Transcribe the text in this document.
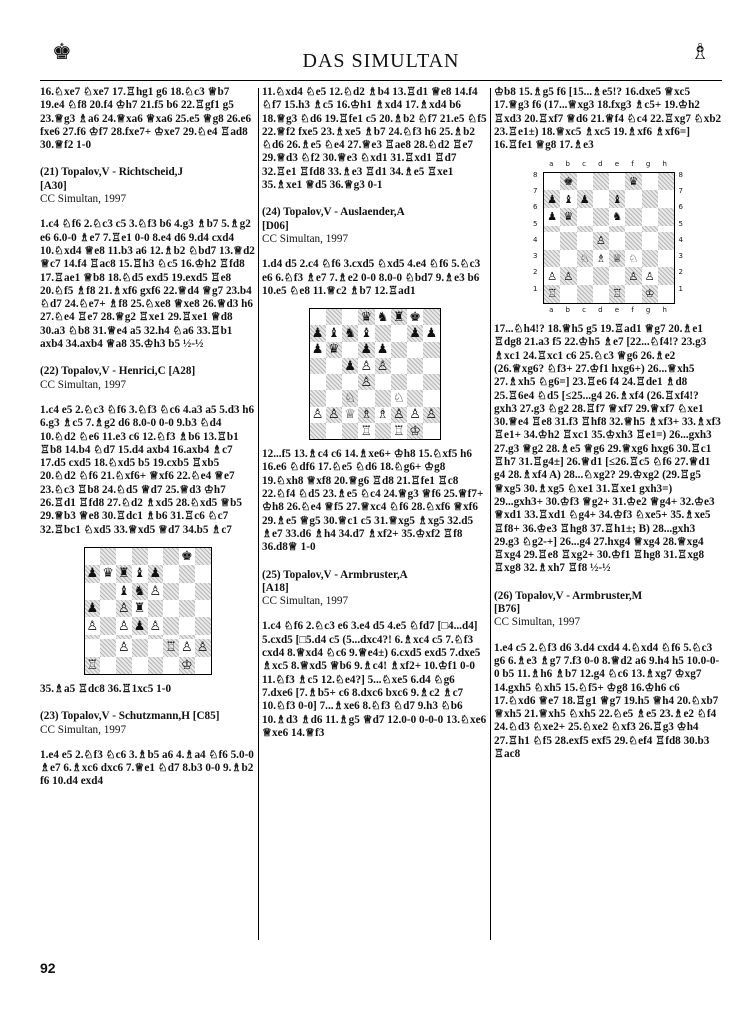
♚	DAS SIMULTAN	♗

16.♘xe7 ♘xe7 17.♖hg1 g6 18.♘c3 ♕b7 19.e4 ♘f8 20.f4 ♔h7 21.f5 b6 22.♖gf1 g5 23.♕g3 ♗a6 24.♕xa6 ♕xa6 25.e5 ♕g8 26.e6 fxe6 27.f6 ♔f7 28.fxe7+ ♔xe7 29.♘e4 ♖ad8 30.♕f2 1-0

(21) Topalov,V - Richtscheid,J

[A30]

CC Simultan, 1997

1.c4 ♘f6 2.♘c3 c5 3.♘f3 b6 4.g3 ♗b7 5.♗g2 e6 6.0-0 ♗e7 7.♖e1 0-0 8.e4 d6 9.d4 cxd4 10.♘xd4 ♕e8 11.b3 a6 12.♗b2 ♘bd7 13.♕d2 ♕c7 14.f4 ♖ac8 15.♖h3 ♘c5 16.♔h2 ♖fd8 17.♖ae1 ♕b8 18.♘d5 exd5 19.exd5 ♖e8 20.♘f5 ♗f8 21.♗xf6 gxf6 22.♕d4 ♕g7 23.b4 ♘d7 24.♘e7+ ♗f8 25.♘xe8 ♕xe8 26.♕d3 h6 27.♘e4 ♖e7 28.♕g2 ♖xe1 29.♖xe1 ♕d8 30.a3 ♘b8 31.♕e4 a5 32.h4 ♘a6 33.♖b1 axb4 34.axb4 ♕a8 35.♔h3 b5 ½-½

(22) Topalov,V - Henrici,C [A28]

CC Simultan, 1997

1.c4 e5 2.♘c3 ♘f6 3.♘f3 ♘c6 4.a3 a5 5.d3 h6 6.g3 ♗c5 7.♗g2 d6 8.0-0 0-0 9.b3 ♘d4 10.♘d2 ♘e6 11.e3 c6 12.♘f3 ♗b6 13.♖b1 ♖b8 14.b4 ♘d7 15.d4 axb4 16.axb4 ♗c7 17.d5 cxd5 18.♘xd5 b5 19.cxb5 ♖xb5 20.♘d2 ♘f6 21.♘xf6+ ♕xf6 22.♘e4 ♕e7 23.♘c3 ♖b8 24.♘d5 ♕d7 25.♕d3 ♔h7 26.♖d1 ♖fd8 27.♘d2 ♗xd5 28.♘xd5 ♕b5 29.♕b3 ♕e8 30.♖dc1 ♗b6 31.♖c6 ♘c7 32.♖bc1 ♘xd5 33.♕xd5 ♕d7 34.b5 ♗c7

♚
♟ ♛ ♜ ♝ ♟
♝ ♞ ♙
♟ ♙ ♜
♙ ♙ ♟ ♙
♙	♖ ♙ ♙
♖	♔

35.♗a5 ♖dc8 36.♖1xc5 1-0

(23) Topalov,V - Schutzmann,H [C85]

CC Simultan, 1997

1.e4 e5 2.♘f3 ♘c6 3.♗b5 a6 4.♗a4 ♘f6 5.0-0 ♗e7 6.♗xc6 dxc6 7.♕e1 ♘d7 8.b3 0-0 9.♗b2 f6 10.d4 exd4

11.♘xd4 ♘e5 12.♘d2 ♗b4 13.♖d1 ♕e8 14.f4 ♘f7 15.h3 ♗c5 16.♔h1 ♗xd4 17.♗xd4 b6 18.♕g3 ♘d6 19.♖fe1 c5 20.♗b2 ♘f7 21.e5 ♘f5 22.♕f2 fxe5 23.♗xe5 ♗b7 24.♘f3 h6 25.♗b2 ♘d6 26.♗e5 ♘e4 27.♕e3 ♖ae8 28.♘d2 ♖e7 29.♕d3 ♘f2 30.♕e3 ♘xd1 31.♖xd1 ♖d7 32.♖e1 ♖fd8 33.♗e3 ♖d1 34.♗e5 ♖xe1 35.♗xe1 ♕d5 36.♕g3 0-1

(24) Topalov,V - Auslaender,A

[D06]

CC Simultan, 1997

1.d4 d5 2.c4 ♘f6 3.cxd5 ♘xd5 4.e4 ♘f6 5.♘c3 e6 6.♘f3 ♗e7 7.♗e2 0-0 8.0-0 ♘bd7 9.♗e3 b6 10.e5 ♘e8 11.♕c2 ♗b7 12.♖ad1

♛ ♞ ♜ ♚
♟ ♝ ♞ ♝	♟ ♟
♟ ♛ ♟ ♟
♟ ♙ ♙
♙
♘	♘
♙ ♙ ♕ ♗ ♗ ♙ ♙ ♙
♖ ♖ ♔

12...f5 13.♗c4 c6 14.♗xe6+ ♔h8 15.♘xf5 h6 16.e6 ♘df6 17.♘e5 ♘d6 18.♘g6+ ♔g8 19.♘xh8 ♕xf8 20.♕g6 ♖d8 21.♖fe1 ♖c8 22.♘f4 ♘d5 23.♗e5 ♘c4 24.♕g3 ♕f6 25.♕f7+ ♔h8 26.♘e4 ♕f5 27.♕xc4 ♘f6 28.♘xf6 ♕xf6 29.♗e5 ♕g5 30.♕c1 c5 31.♕xg5 ♗xg5 32.d5 ♗e7 33.d6 ♗h4 34.d7 ♗xf2+ 35.♔xf2 ♖f8 36.d8♕ 1-0

(25) Topalov,V - Armbruster,A

[A18]

CC Simultan, 1997

1.c4 ♘f6 2.♘c3 e6 3.e4 d5 4.e5 ♘fd7 [□4...d4] 5.cxd5 [□5.d4 c5 (5...dxc4?! 6.♗xc4 c5 7.♘f3 cxd4 8.♕xd4 ♘c6 9.♕e4±) 6.cxd5 exd5 7.dxe5 ♗xc5 8.♕xd5 ♕b6 9.♗c4! ♗xf2+ 10.♔f1 0-0 11.♘f3 ♗c5 12.♘e4?] 5...♘xe5 6.d4 ♘g6 7.dxe6 [7.♗b5+ c6 8.dxc6 bxc6 9.♗c2 ♗c7 10.♘f3 0-0] 7...♗xe6 8.♘f3 ♘d7 9.h3 ♘b6 10.♗d3 ♗d6 11.♗g5 ♕d7 12.0-0 0-0-0 13.♘xe6 ♕xe6 14.♕f3

♔b8 15.♗g5 f6 [15...♗e5!? 16.dxe5 ♕xc5 17.♕g3 f6 (17...♕xg3 18.fxg3 ♗c5+ 19.♔h2 ♖xd3 20.♖xf7 ♕d6 21.♕f4 ♘c4 22.♖xg7 ♘xb2 23.♖e1±) 18.♕xc5 ♗xc5 19.♗xf6 ♗xf6=] 16.♖fe1 ♕g8 17.♗e3

a b c d e f g h
8
7
6
5
4
3
2
1
8
7
6
5
4
3
2
1
♚	♛
♟ ♝ ♟ ♝
♟ ♛	♞
♙
♘ ♗ ♕ ♘
♙ ♙	♙ ♙
♖	♖ ♔
a b c d e f g h

17...♘h4!? 18.♕h5 g5 19.♖ad1 ♕g7 20.♗e1 ♖dg8 21.a3 f5 22.♔h5 ♗e7 [22...♘f4!? 23.g3 ♗xc1 24.♖xc1 c6 25.♘c3 ♕g6 26.♗e2 (26.♕xg6? ♘f3+ 27.♔f1 hxg6+) 26...♕xh5 27.♗xh5 ♘g6=] 23.♖e6 f4 24.♖de1 ♗d8 25.♖6e4 ♘d5 [≤25...g4 26.♗xf4 (26.♖xf4!? gxh3 27.g3 ♘g2 28.♖f7 ♕xf7 29.♕xf7 ♘xe1 30.♕e4 ♖e8 31.f3 ♖hf8 32.♕h5 ♗xf3+ 33.♗xf3 ♖e1+ 34.♔h2 ♖xc1 35.♔xh3 ♖e1=) 26...gxh3 27.g3 ♕g2 28.♗e5 ♕g6 29.♕xg6 hxg6 30.♖c1 ♖h7 31.♖g4±] 26.♕d1 [≤26.♖c5 ♘f6 27.♕d1 g4 28.♗xf4 A) 28...♘xg2? 29.♔xg2 (29.♖g5 ♕xg5 30.♗xg5 ♘xe1 31.♖xe1 gxh3=) 29...gxh3+ 30.♔f3 ♕g2+ 31.♔e2 ♕g4+ 32.♔e3 ♕xd1 33.♖xd1 ♘g4+ 34.♔f3 ♘xe5+ 35.♗xe5 ♖f8+ 36.♔e3 ♖hg8 37.♖h1±; B) 28...gxh3 29.g3 ♘g2-+] 26...g4 27.hxg4 ♕xg4 28.♕xg4 ♖xg4 29.♖e8 ♖xg2+ 30.♔f1 ♖hg8 31.♖xg8 ♖xg8 32.♗xh7 ♖f8 ½-½

(26) Topalov,V - Armbruster,M

[B76]

CC Simultan, 1997

1.e4 c5 2.♘f3 d6 3.d4 cxd4 4.♘xd4 ♘f6 5.♘c3 g6 6.♗e3 ♗g7 7.f3 0-0 8.♕d2 a6 9.h4 h5 10.0-0-0 b5 11.♗h6 ♗b7 12.g4 ♘c6 13.♗xg7 ♔xg7 14.gxh5 ♘xh5 15.♘f5+ ♔g8 16.♔h6 c6 17.♘xd6 ♕e7 18.♖g1 ♕g7 19.h5 ♕h4 20.♘xb7 ♕xh5 21.♕xh5 ♘xh5 22.♘e5 ♗e5 23.♗e2 ♘f4 24.♘d3 ♘xe2+ 25.♘xe2 ♘xf3 26.♖g3 ♔h4 27.♖h1 ♘f5 28.exf5 exf5 29.♘ef4 ♖fd8 30.b3 ♖ac8

92
